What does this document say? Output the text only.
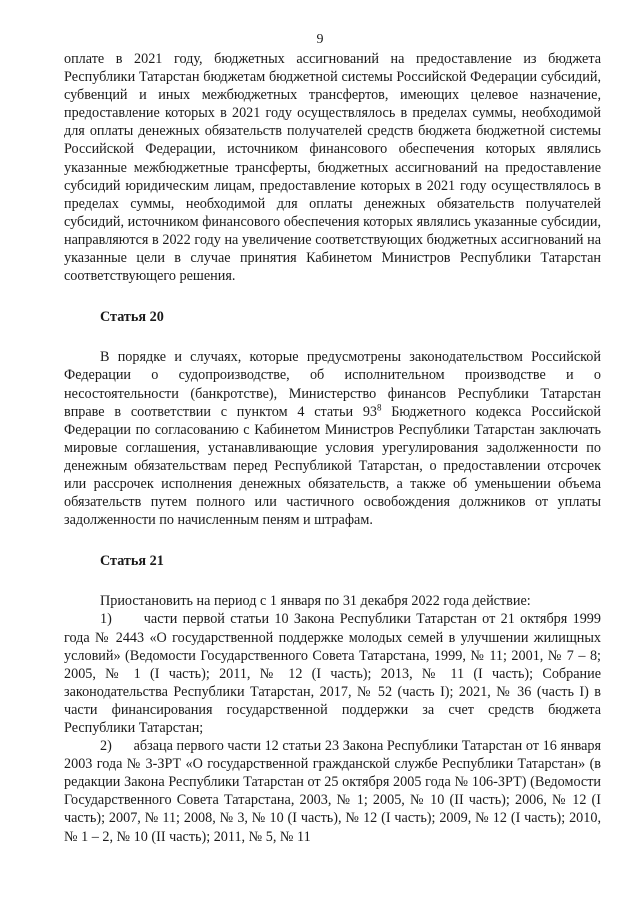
9

оплате в 2021 году, бюджетных ассигнований на предоставление из бюджета Республики Татарстан бюджетам бюджетной системы Российской Федерации субсидий, субвенций и иных межбюджетных трансфертов, имеющих целевое назначение, предоставление которых в 2021 году осуществлялось в пределах суммы, необходимой для оплаты денежных обязательств получателей средств бюджета бюджетной системы Российской Федерации, источником финансового обеспечения которых являлись указанные межбюджетные трансферты, бюджетных ассигнований на предоставление субсидий юридическим лицам, предоставление которых в 2021 году осуществлялось в пределах суммы, необходимой для оплаты денежных обязательств получателей субсидий, источником финансового обеспечения которых являлись указанные субсидии, направляются в 2022 году на увеличение соответствующих бюджетных ассигнований на указанные цели в случае принятия Кабинетом Министров Республики Татарстан соответствующего решения.

Статья 20

В порядке и случаях, которые предусмотрены законодательством Российской Федерации о судопроизводстве, об исполнительном производстве и о несостоятельности (банкротстве), Министерство финансов Республики Татарстан вправе в соответствии с пунктом 4 статьи $93^8$ Бюджетного кодекса Российской Федерации по согласованию с Кабинетом Министров Республики Татарстан заключать мировые соглашения, устанавливающие условия урегулирования задолженности по денежным обязательствам перед Республикой Татарстан, о предоставлении отсрочек или рассрочек исполнения денежных обязательств, а также об уменьшении объема обязательств путем полного или частичного освобождения должников от уплаты задолженности по начисленным пеням и штрафам.

Статья 21

Приостановить на период с 1 января по 31 декабря 2022 года действие:

1)      части первой статьи 10 Закона Республики Татарстан от 21 октября 1999 года № 2443 «О государственной поддержке молодых семей в улучшении жилищных условий» (Ведомости Государственного Совета Татарстана, 1999, № 11; 2001, № 7 – 8; 2005, № 1 (I часть); 2011, № 12 (I часть); 2013, № 11 (I часть); Собрание законодательства Республики Татарстан, 2017, № 52 (часть I); 2021, № 36 (часть I) в части финансирования государственной поддержки за счет средств бюджета Республики Татарстан;

2)      абзаца первого части 12 статьи 23 Закона Республики Татарстан от 16 января 2003 года № 3-ЗРТ «О государственной гражданской службе Республики Татарстан» (в редакции Закона Республики Татарстан от 25 октября 2005 года № 106-ЗРТ) (Ведомости Государственного Совета Татарстана, 2003, № 1; 2005, № 10 (II часть); 2006, № 12 (I часть); 2007, № 11; 2008, № 3, № 10 (I часть), № 12 (I часть); 2009, № 12 (I часть); 2010, № 1 – 2, № 10 (II часть); 2011, № 5, № 11
